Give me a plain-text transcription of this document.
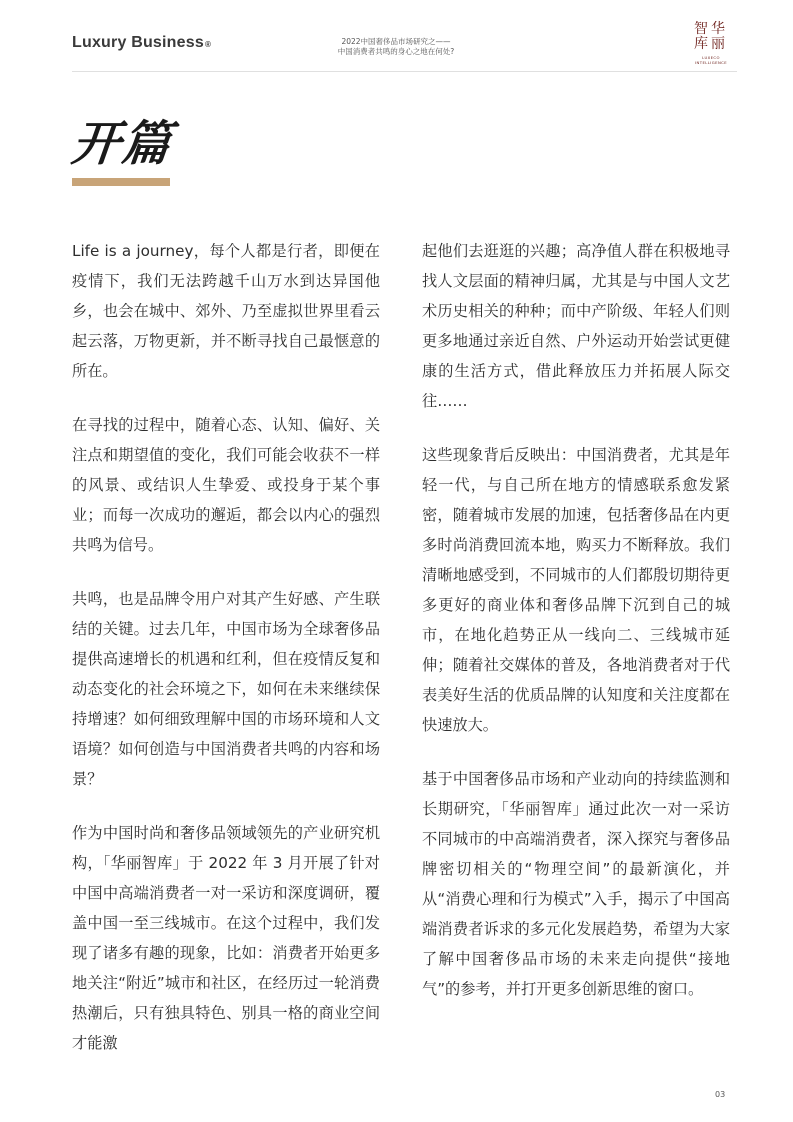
Luxury Business®	2022中国奢侈品市场研究之——
中国消费者共鸣的身心之地在何处?
智华
库丽
LUXECO INTELLIGENCE
开篇

Life is a journey，每个人都是行者，即便在疫情下，我们无法跨越千山万水到达异国他乡，也会在城中、郊外、乃至虚拟世界里看云起云落，万物更新，并不断寻找自己最惬意的所在。

在寻找的过程中，随着心态、认知、偏好、关注点和期望值的变化，我们可能会收获不一样的风景、或结识人生挚爱、或投身于某个事业；而每一次成功的邂逅，都会以内心的强烈共鸣为信号。

共鸣，也是品牌令用户对其产生好感、产生联结的关键。过去几年，中国市场为全球奢侈品提供高速增长的机遇和红利，但在疫情反复和动态变化的社会环境之下，如何在未来继续保持增速？如何细致理解中国的市场环境和人文语境？如何创造与中国消费者共鸣的内容和场景？

作为中国时尚和奢侈品领域领先的产业研究机构，「华丽智库」于 2022 年 3 月开展了针对中国中高端消费者一对一采访和深度调研，覆盖中国一至三线城市。在这个过程中，我们发现了诸多有趣的现象，比如：消费者开始更多地关注“附近”城市和社区，在经历过一轮消费热潮后，只有独具特色、别具一格的商业空间才能激

起他们去逛逛的兴趣；高净值人群在积极地寻找人文层面的精神归属，尤其是与中国人文艺术历史相关的种种；而中产阶级、年轻人们则更多地通过亲近自然、户外运动开始尝试更健康的生活方式，借此释放压力并拓展人际交往……

这些现象背后反映出：中国消费者，尤其是年轻一代，与自己所在地方的情感联系愈发紧密，随着城市发展的加速，包括奢侈品在内更多时尚消费回流本地，购买力不断释放。我们清晰地感受到，不同城市的人们都殷切期待更多更好的商业体和奢侈品牌下沉到自己的城市，在地化趋势正从一线向二、三线城市延伸；随着社交媒体的普及，各地消费者对于代表美好生活的优质品牌的认知度和关注度都在快速放大。

基于中国奢侈品市场和产业动向的持续监测和长期研究，「华丽智库」通过此次一对一采访不同城市的中高端消费者，深入探究与奢侈品牌密切相关的“物理空间”的最新演化，并从“消费心理和行为模式”入手，揭示了中国高端消费者诉求的多元化发展趋势，希望为大家了解中国奢侈品市场的未来走向提供“接地气”的参考，并打开更多创新思维的窗口。

03
